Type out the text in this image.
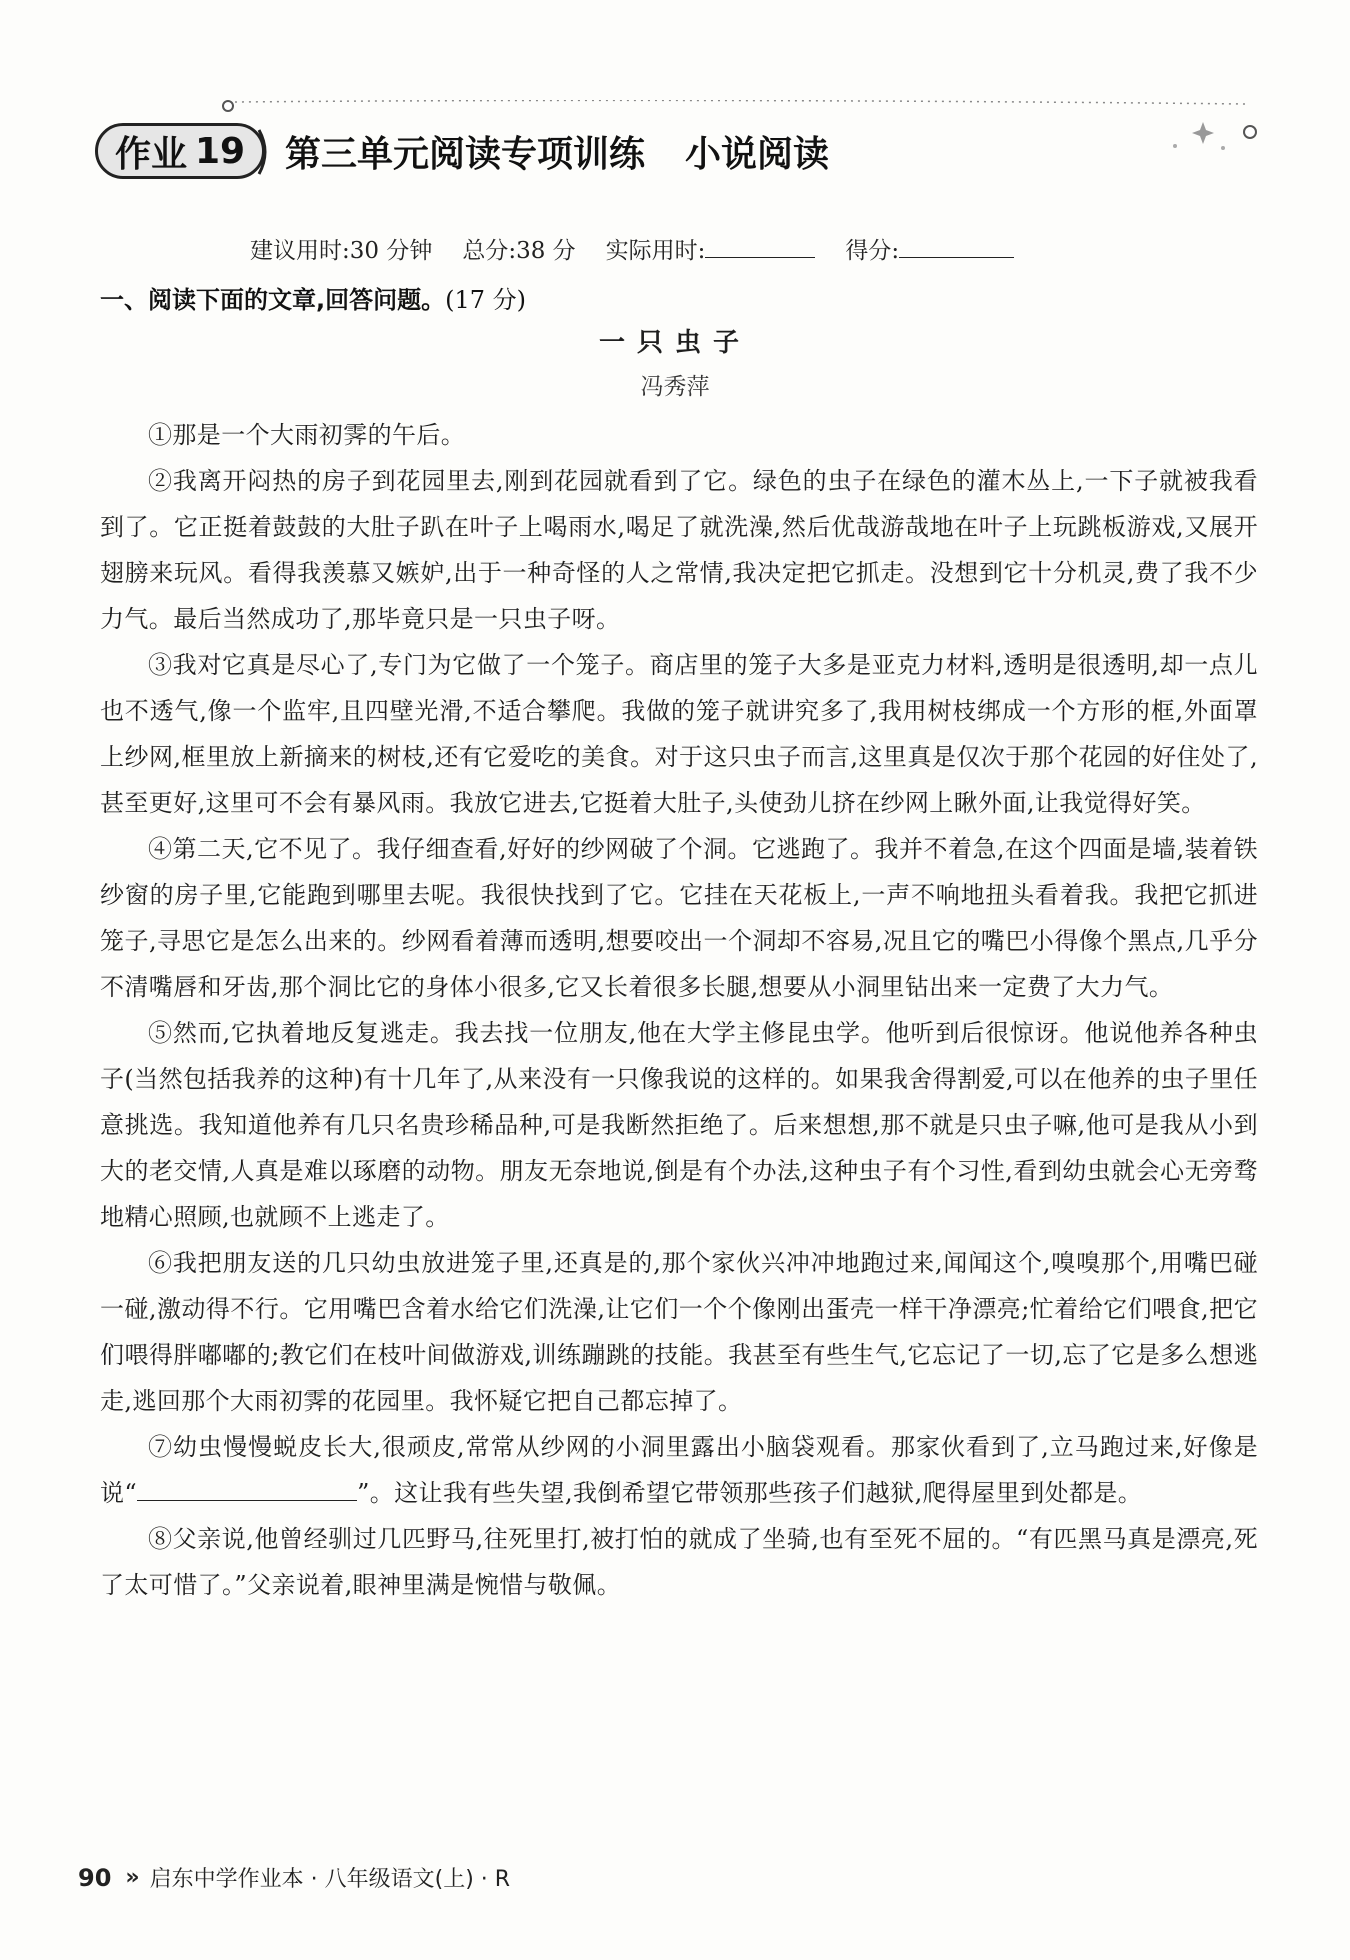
作业 19 第三单元阅读专项训练 小说阅读
建议用时:30 分钟 总分:38 分 实际用时:	得分:
一、阅读下面的文章,回答问题。(17 分)
一只虫子
冯秀萍

①那是一个大雨初霁的午后。

②我离开闷热的房子到花园里去,刚到花园就看到了它。绿色的虫子在绿色的灌木丛上,一下子就被我看到了。它正挺着鼓鼓的大肚子趴在叶子上喝雨水,喝足了就洗澡,然后优哉游哉地在叶子上玩跳板游戏,又展开翅膀来玩风。看得我羡慕又嫉妒,出于一种奇怪的人之常情,我决定把它抓走。没想到它十分机灵,费了我不少力气。最后当然成功了,那毕竟只是一只虫子呀。

③我对它真是尽心了,专门为它做了一个笼子。商店里的笼子大多是亚克力材料,透明是很透明,却一点儿也不透气,像一个监牢,且四壁光滑,不适合攀爬。我做的笼子就讲究多了,我用树枝绑成一个方形的框,外面罩上纱网,框里放上新摘来的树枝,还有它爱吃的美食。对于这只虫子而言,这里真是仅次于那个花园的好住处了,甚至更好,这里可不会有暴风雨。我放它进去,它挺着大肚子,头使劲儿挤在纱网上瞅外面,让我觉得好笑。

④第二天,它不见了。我仔细查看,好好的纱网破了个洞。它逃跑了。我并不着急,在这个四面是墙,装着铁纱窗的房子里,它能跑到哪里去呢。我很快找到了它。它挂在天花板上,一声不响地扭头看着我。我把它抓进笼子,寻思它是怎么出来的。纱网看着薄而透明,想要咬出一个洞却不容易,况且它的嘴巴小得像个黑点,几乎分不清嘴唇和牙齿,那个洞比它的身体小很多,它又长着很多长腿,想要从小洞里钻出来一定费了大力气。

⑤然而,它执着地反复逃走。我去找一位朋友,他在大学主修昆虫学。他听到后很惊讶。他说他养各种虫子(当然包括我养的这种)有十几年了,从来没有一只像我说的这样的。如果我舍得割爱,可以在他养的虫子里任意挑选。我知道他养有几只名贵珍稀品种,可是我断然拒绝了。后来想想,那不就是只虫子嘛,他可是我从小到大的老交情,人真是难以琢磨的动物。朋友无奈地说,倒是有个办法,这种虫子有个习性,看到幼虫就会心无旁骛地精心照顾,也就顾不上逃走了。

⑥我把朋友送的几只幼虫放进笼子里,还真是的,那个家伙兴冲冲地跑过来,闻闻这个,嗅嗅那个,用嘴巴碰一碰,激动得不行。它用嘴巴含着水给它们洗澡,让它们一个个像刚出蛋壳一样干净漂亮;忙着给它们喂食,把它们喂得胖嘟嘟的;教它们在枝叶间做游戏,训练蹦跳的技能。我甚至有些生气,它忘记了一切,忘了它是多么想逃走,逃回那个大雨初霁的花园里。我怀疑它把自己都忘掉了。

⑦幼虫慢慢蜕皮长大,很顽皮,常常从纱网的小洞里露出小脑袋观看。那家伙看到了,立马跑过来,好像是说“	”。这让我有些失望,我倒希望它带领那些孩子们越狱,爬得屋里到处都是。

⑧父亲说,他曾经驯过几匹野马,往死里打,被打怕的就成了坐骑,也有至死不屈的。“有匹黑马真是漂亮,死了太可惜了。”父亲说着,眼神里满是惋惜与敬佩。

90 » 启东中学作业本 · 八年级语文(上) · R
